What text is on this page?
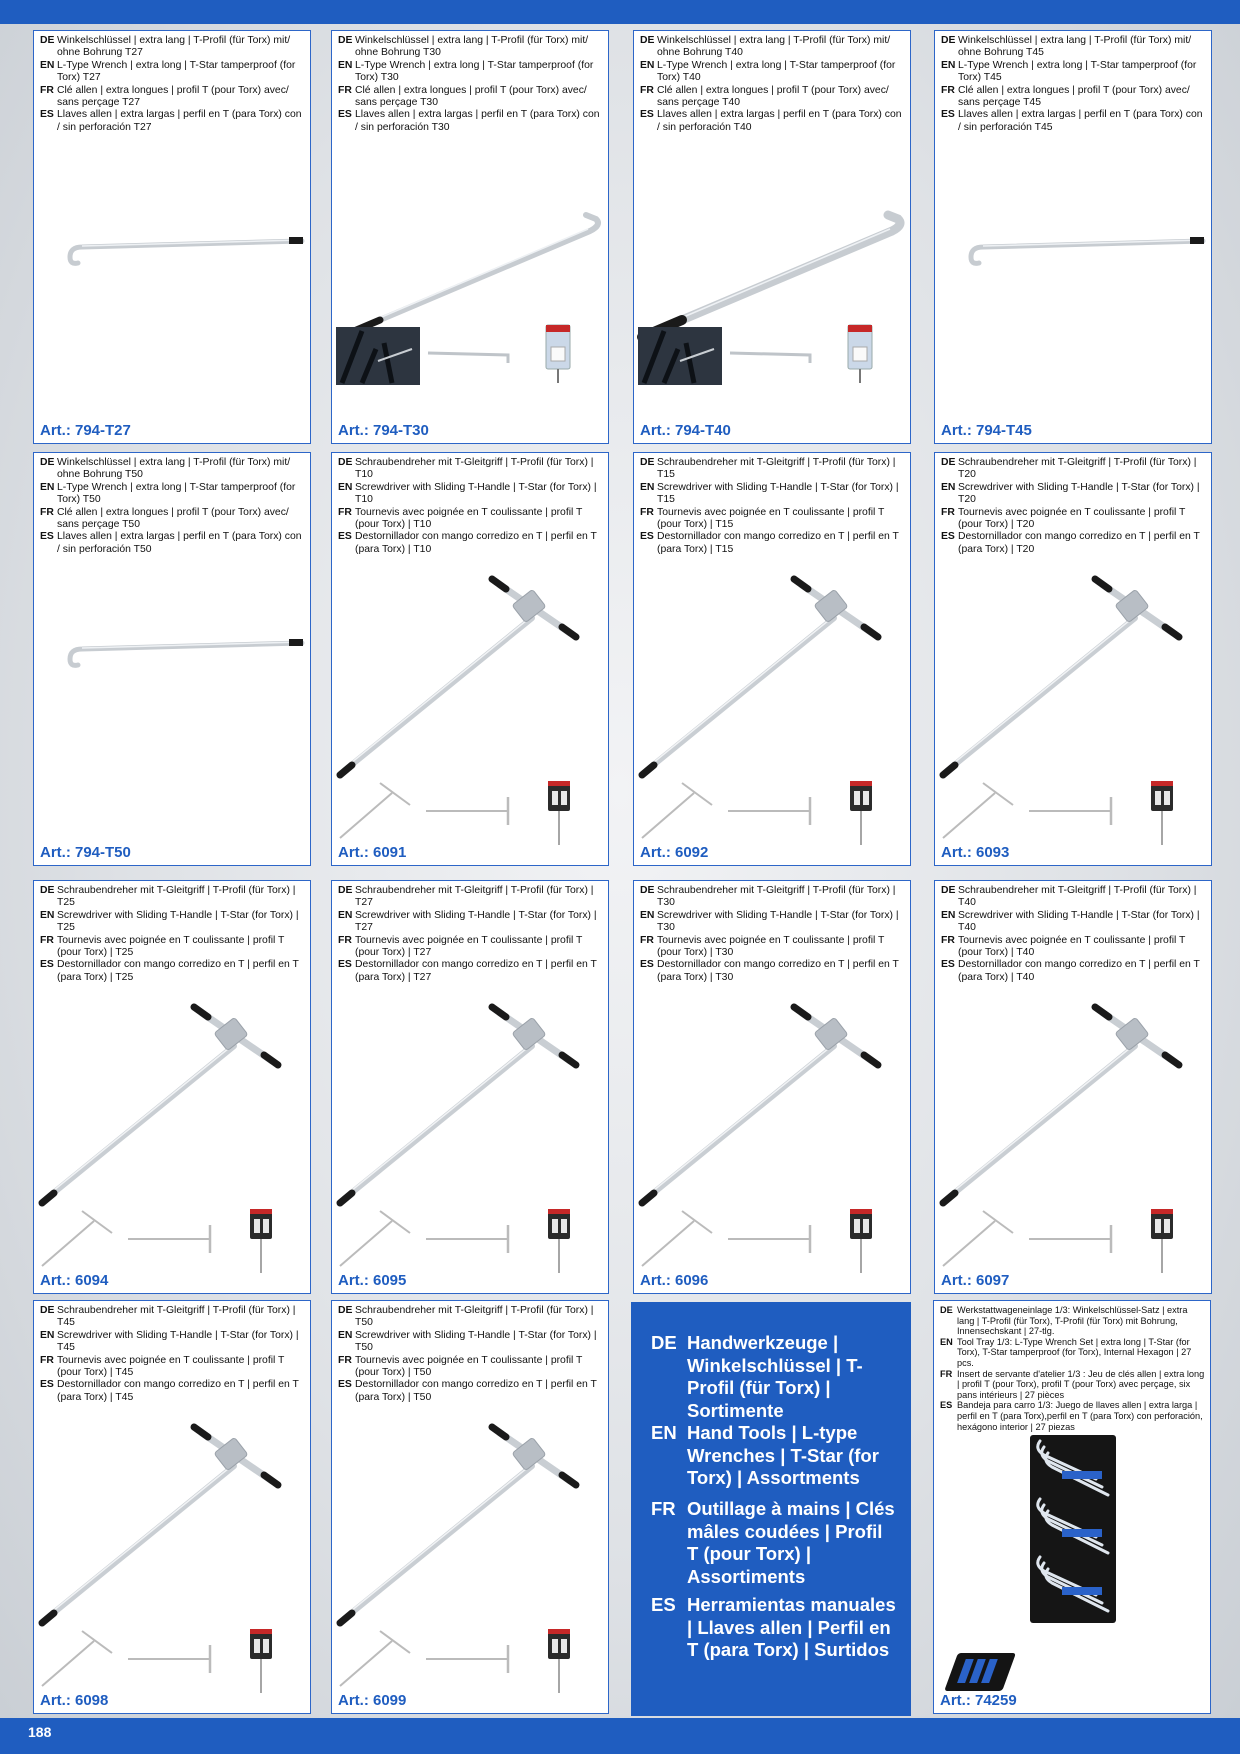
DE Winkelschlüssel | extra lang | T-Profil (für Torx) mit/ ohne Bohrung T27
EN L-Type Wrench | extra long | T-Star tamperproof (for Torx) T27
FR Clé allen | extra longues | profil T (pour Torx) avec/ sans perçage T27
ES Llaves allen | extra largas | perfil en T (para Torx) con / sin perforación T27
Art.: 794-T27
DE Winkelschlüssel | extra lang | T-Profil (für Torx) mit/ ohne Bohrung T30
EN L-Type Wrench | extra long | T-Star tamperproof (for Torx) T30
FR Clé allen | extra longues | profil T (pour Torx) avec/ sans perçage T30
ES Llaves allen | extra largas | perfil en T (para Torx) con / sin perforación T30
Art.: 794-T30
DE Winkelschlüssel | extra lang | T-Profil (für Torx) mit/ ohne Bohrung T40
EN L-Type Wrench | extra long | T-Star tamperproof (for Torx) T40
FR Clé allen | extra longues | profil T (pour Torx) avec/ sans perçage T40
ES Llaves allen | extra largas | perfil en T (para Torx) con / sin perforación T40
Art.: 794-T40
DE Winkelschlüssel | extra lang | T-Profil (für Torx) mit/ ohne Bohrung T45
EN L-Type Wrench | extra long | T-Star tamperproof (for Torx) T45
FR Clé allen | extra longues | profil T (pour Torx) avec/ sans perçage T45
ES Llaves allen | extra largas | perfil en T (para Torx) con / sin perforación T45
Art.: 794-T45
DE Winkelschlüssel | extra lang | T-Profil (für Torx) mit/ ohne Bohrung T50
EN L-Type Wrench | extra long | T-Star tamperproof (for Torx) T50
FR Clé allen | extra longues | profil T (pour Torx) avec/ sans perçage T50
ES Llaves allen | extra largas | perfil en T (para Torx) con / sin perforación T50
Art.: 794-T50
DE Schraubendreher mit T-Gleitgriff | T-Profil (für Torx) | T10
EN Screwdriver with Sliding T-Handle | T-Star (for Torx) | T10
FR Tournevis avec poignée en T coulissante | profil T (pour Torx) | T10
ES Destornillador con mango corredizo en T | perfil en T (para Torx) | T10
Art.: 6091
DE Schraubendreher mit T-Gleitgriff | T-Profil (für Torx) | T15
EN Screwdriver with Sliding T-Handle | T-Star (for Torx) | T15
FR Tournevis avec poignée en T coulissante | profil T (pour Torx) | T15
ES Destornillador con mango corredizo en T | perfil en T (para Torx) | T15
Art.: 6092
DE Schraubendreher mit T-Gleitgriff | T-Profil (für Torx) | T20
EN Screwdriver with Sliding T-Handle | T-Star (for Torx) | T20
FR Tournevis avec poignée en T coulissante | profil T (pour Torx) | T20
ES Destornillador con mango corredizo en T | perfil en T (para Torx) | T20
Art.: 6093
DE Schraubendreher mit T-Gleitgriff | T-Profil (für Torx) | T25
EN Screwdriver with Sliding T-Handle | T-Star (for Torx) | T25
FR Tournevis avec poignée en T coulissante | profil T (pour Torx) | T25
ES Destornillador con mango corredizo en T | perfil en T (para Torx) | T25
Art.: 6094
DE Schraubendreher mit T-Gleitgriff | T-Profil (für Torx) | T27
EN Screwdriver with Sliding T-Handle | T-Star (for Torx) | T27
FR Tournevis avec poignée en T coulissante | profil T (pour Torx) | T27
ES Destornillador con mango corredizo en T | perfil en T (para Torx) | T27
Art.: 6095
DE Schraubendreher mit T-Gleitgriff | T-Profil (für Torx) | T30
EN Screwdriver with Sliding T-Handle | T-Star (for Torx) | T30
FR Tournevis avec poignée en T coulissante | profil T (pour Torx) | T30
ES Destornillador con mango corredizo en T | perfil en T (para Torx) | T30
Art.: 6096
DE Schraubendreher mit T-Gleitgriff | T-Profil (für Torx) | T40
EN Screwdriver with Sliding T-Handle | T-Star (for Torx) | T40
FR Tournevis avec poignée en T coulissante | profil T (pour Torx) | T40
ES Destornillador con mango corredizo en T | perfil en T (para Torx) | T40
Art.: 6097
DE Schraubendreher mit T-Gleitgriff | T-Profil (für Torx) | T45
EN Screwdriver with Sliding T-Handle | T-Star (for Torx) | T45
FR Tournevis avec poignée en T coulissante | profil T (pour Torx) | T45
ES Destornillador con mango corredizo en T | perfil en T (para Torx) | T45
Art.: 6098
DE Schraubendreher mit T-Gleitgriff | T-Profil (für Torx) | T50
EN Screwdriver with Sliding T-Handle | T-Star (for Torx) | T50
FR Tournevis avec poignée en T coulissante | profil T (pour Torx) | T50
ES Destornillador con mango corredizo en T | perfil en T (para Torx) | T50
Art.: 6099
DE Handwerkzeuge | Winkelschlüssel | T-Profil (für Torx) | Sortimente
EN Hand Tools | L-type Wrenches | T-Star (for Torx) | Assortments
FR Outillage à mains | Clés mâles coudées | Profil T (pour Torx) | Assortiments
ES Herramientas manuales | Llaves allen | Perfil en T (para Torx) | Surtidos
DE Werkstattwageneinlage 1/3: Winkelschlüssel-Satz | extra lang | T-Profil (für Torx), T-Profil (für Torx) mit Bohrung, Innensechskant | 27-tlg.
EN Tool Tray 1/3: L-Type Wrench Set | extra long | T-Star (for Torx), T-Star tamperproof (for Torx), Internal Hexagon | 27 pcs.
FR Insert de servante d'atelier 1/3 : Jeu de clés allen | extra long | profil T (pour Torx), profil T (pour Torx) avec perçage, six pans intérieurs | 27 pièces
ES Bandeja para carro 1/3: Juego de llaves allen | extra larga | perfil en T (para Torx),perfil en T (para Torx) con perforación, hexágono interior | 27 piezas
Art.: 74259
188
